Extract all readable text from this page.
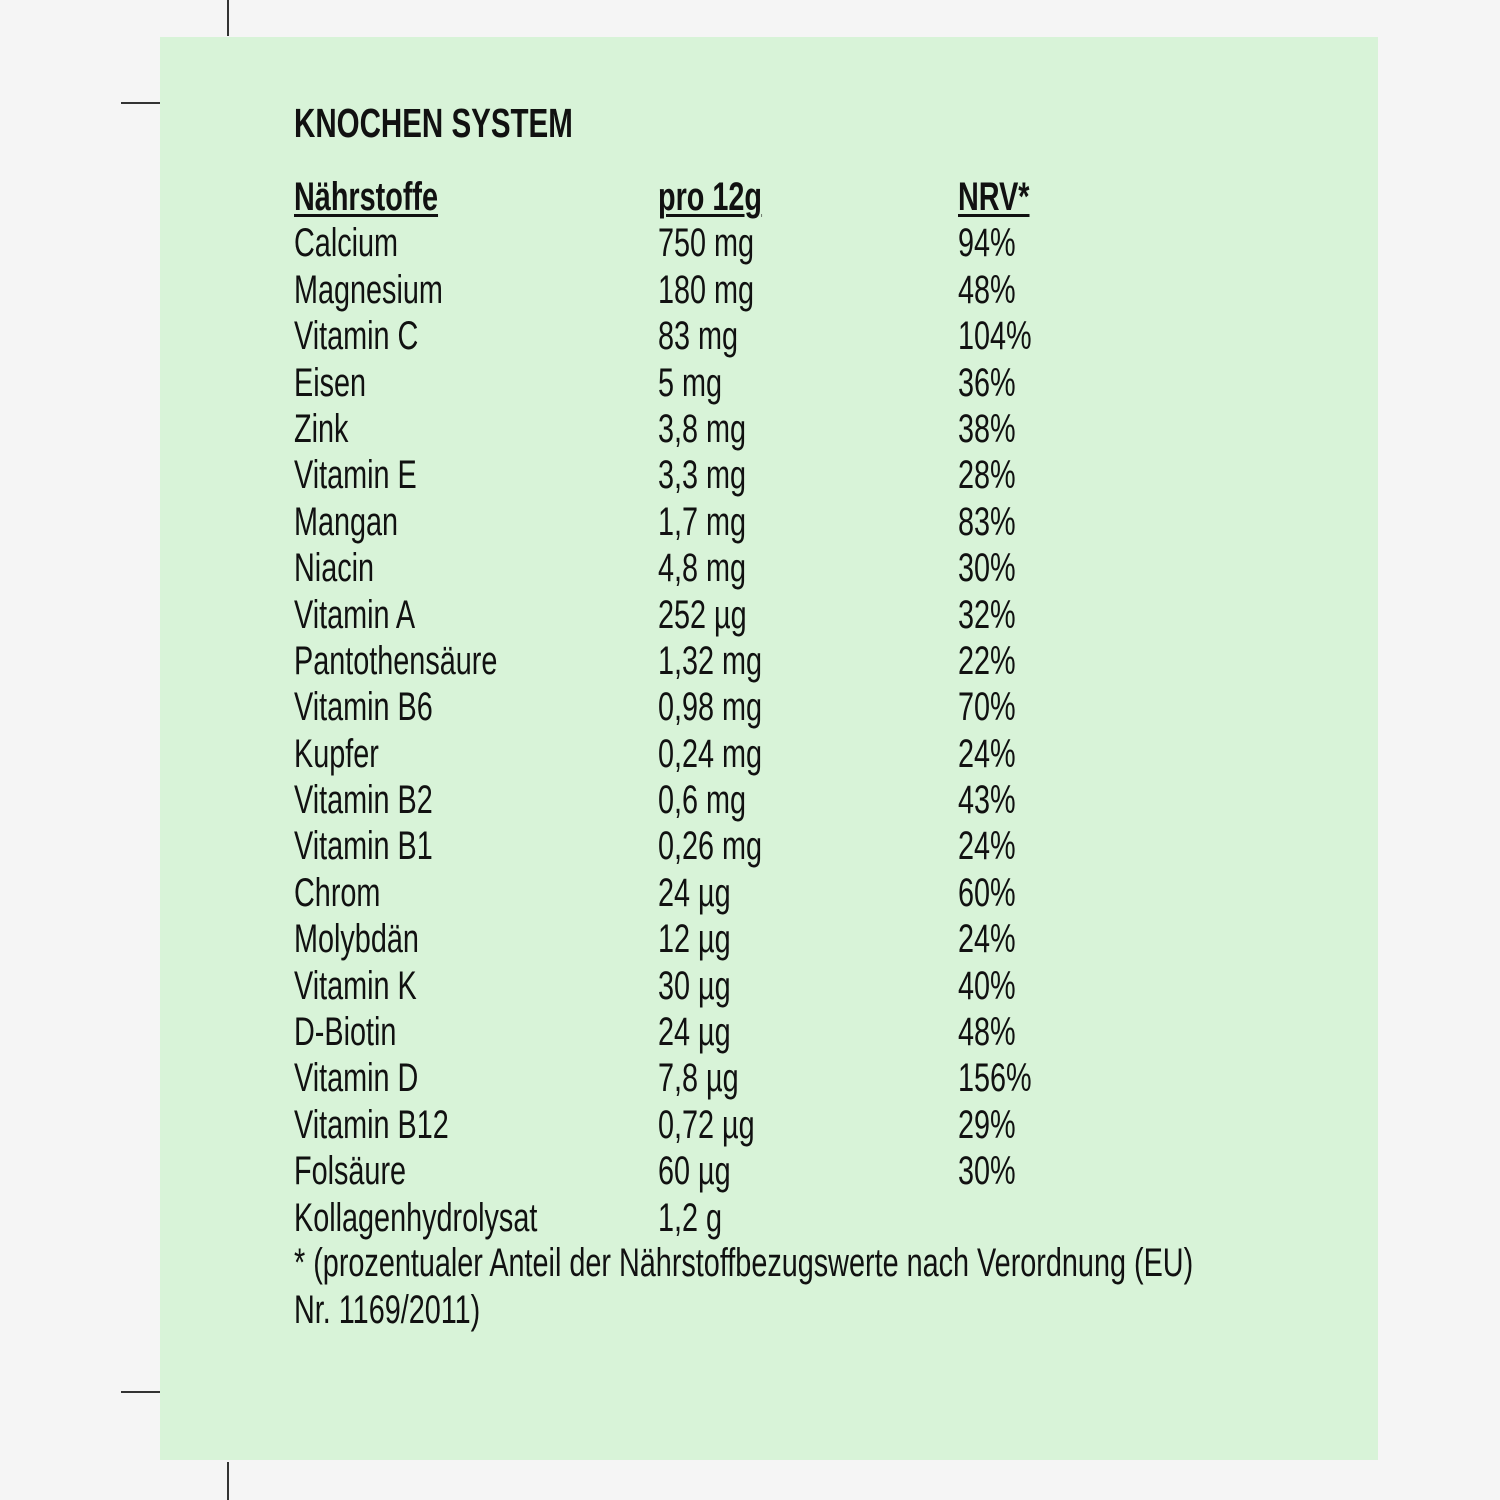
KNOCHEN SYSTEM
Nährstoffe	pro 12g	NRV*
Calcium	750 mg	94%
Magnesium	180 mg	48%
Vitamin C	83 mg	104%
Eisen	5 mg	36%
Zink	3,8 mg	38%
Vitamin E	3,3 mg	28%
Mangan	1,7 mg	83%
Niacin	4,8 mg	30%
Vitamin A	252 µg	32%
Pantothensäure	1,32 mg	22%
Vitamin B6	0,98 mg	70%
Kupfer	0,24 mg	24%
Vitamin B2	0,6 mg	43%
Vitamin B1	0,26 mg	24%
Chrom	24 µg	60%
Molybdän	12 µg	24%
Vitamin K	30 µg	40%
D-Biotin	24 µg	48%
Vitamin D	7,8 µg	156%
Vitamin B12	0,72 µg	29%
Folsäure	60 µg	30%
Kollagenhydrolysat	1,2 g
* (prozentualer Anteil der Nährstoffbezugswerte nach Verordnung (EU)
Nr. 1169/2011)
